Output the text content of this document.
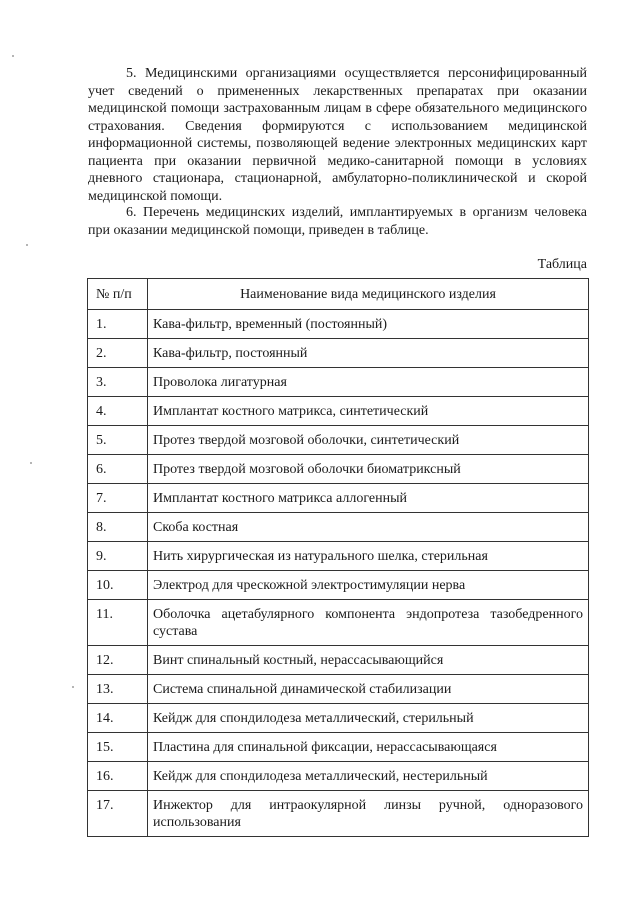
5. Медицинскими организациями осуществляется персонифицированный учет сведений о примененных лекарственных препаратах при оказании медицинской помощи застрахованным лицам в сфере обязательного медицинского страхования. Сведения формируются с использованием медицинской информационной системы, позволяющей ведение электронных медицинских карт пациента при оказании первичной медико-санитарной помощи в условиях дневного стационара, стационарной, амбулаторно-поликлинической и скорой медицинской помощи.

6. Перечень медицинских изделий, имплантируемых в организм человека при оказании медицинской помощи, приведен в таблице.

Таблица
№ п/п	Наименование вида медицинского изделия
1.	Кава-фильтр, временный (постоянный)
2.	Кава-фильтр, постоянный
3.	Проволока лигатурная
4.	Имплантат костного матрикса, синтетический
5.	Протез твердой мозговой оболочки, синтетический
6.	Протез твердой мозговой оболочки биоматриксный
7.	Имплантат костного матрикса аллогенный
8.	Скоба костная
9.	Нить хирургическая из натурального шелка, стерильная
10.	Электрод для чрескожной электростимуляции нерва
11.	Оболочка ацетабулярного компонента эндопротеза тазобедренного сустава
12.	Винт спинальный костный, нерассасывающийся
13.	Система спинальной динамической стабилизации
14.	Кейдж для спондилодеза металлический, стерильный
15.	Пластина для спинальной фиксации, нерассасывающаяся
16.	Кейдж для спондилодеза металлический, нестерильный
17.	Инжектор для интраокулярной линзы ручной, одноразового использования
